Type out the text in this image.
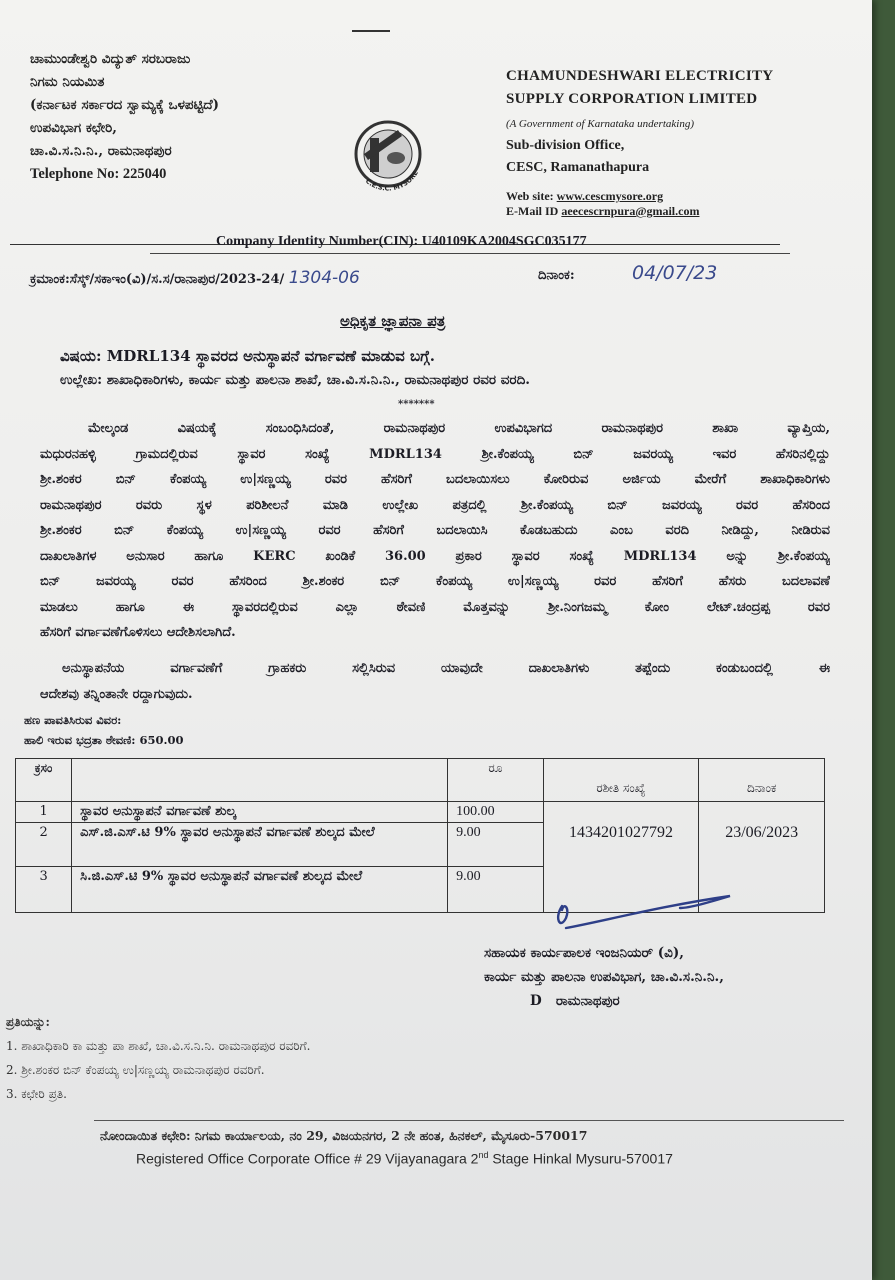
ಚಾಮುಂಡೇಶ್ವರಿ ವಿದ್ಯುತ್ ಸರಬರಾಜು
ನಿಗಮ ನಿಯಮಿತ
(ಕರ್ನಾಟಕ ಸರ್ಕಾರದ ಸ್ವಾಮ್ಯಕ್ಕೆ ಒಳಪಟ್ಟಿದೆ)
ಉಪವಿಭಾಗ ಕಛೇರಿ,
ಚಾ.ವಿ.ಸ.ನಿ.ನಿ., ರಾಮನಾಥಪುರ
Telephone No: 225040	C.E.S.C. MYSORE
CHAMUNDESHWARI ELECTRICITY
SUPPLY CORPORATION LIMITED
(A Government of Karnataka undertaking)
Sub-division Office,
CESC, Ramanathapura
Web site: www.cescmysore.org
E-Mail ID aeecescrnpura@gmail.com
Company Identity Number(CIN): U40109KA2004SGC035177
ಕ್ರಮಾಂಕ:ಸೆಸ್ಕ್/ಸಕಾಇಂ(ವಿ)/ಸ.ಸ/ರಾನಾಪುರ/2023-24/ 1304-06	ದಿನಾಂಕ:	04/07/23
ಅಧಿಕೃತ ಜ್ಞಾಪನಾ ಪತ್ರ
ವಿಷಯ: MDRL134 ಸ್ಥಾವರದ ಅನುಸ್ಥಾಪನೆ ವರ್ಗಾವಣೆ ಮಾಡುವ ಬಗ್ಗೆ.
ಉಲ್ಲೇಖ: ಶಾಖಾಧಿಕಾರಿಗಳು, ಕಾರ್ಯ ಮತ್ತು ಪಾಲನಾ ಶಾಖೆ, ಚಾ.ವಿ.ಸ.ನಿ.ನಿ., ರಾಮನಾಥಪುರ ರವರ ವರದಿ.
*******
ಮೇಲ್ಕಂಡ ವಿಷಯಕ್ಕೆ ಸಂಬಂಧಿಸಿದಂತೆ, ರಾಮನಾಥಪುರ ಉಪವಿಭಾಗದ ರಾಮನಾಥಪುರ ಶಾಖಾ ವ್ಯಾಪ್ತಿಯ,
ಮಧುರನಹಳ್ಳಿ ಗ್ರಾಮದಲ್ಲಿರುವ ಸ್ಥಾವರ ಸಂಖ್ಯೆ MDRL134 ಶ್ರೀ.ಕೆಂಪಯ್ಯ ಬಿನ್ ಜವರಯ್ಯ ಇವರ ಹೆಸರಿನಲ್ಲಿದ್ದು
ಶ್ರೀ.ಶಂಕರ ಬಿನ್ ಕೆಂಪಯ್ಯ ಉ|ಸಣ್ಣಯ್ಯ ರವರ ಹೆಸರಿಗೆ ಬದಲಾಯಿಸಲು ಕೋರಿರುವ ಅರ್ಜಿಯ ಮೇರೆಗೆ ಶಾಖಾಧಿಕಾರಿಗಳು
ರಾಮನಾಥಪುರ ರವರು ಸ್ಥಳ ಪರಿಶೀಲನೆ ಮಾಡಿ ಉಲ್ಲೇಖ ಪತ್ರದಲ್ಲಿ ಶ್ರೀ.ಕೆಂಪಯ್ಯ ಬಿನ್ ಜವರಯ್ಯ ರವರ ಹೆಸರಿಂದ
ಶ್ರೀ.ಶಂಕರ ಬಿನ್ ಕೆಂಪಯ್ಯ ಉ|ಸಣ್ಣಯ್ಯ ರವರ ಹೆಸರಿಗೆ ಬದಲಾಯಿಸಿ ಕೊಡಬಹುದು ಎಂಬ ವರದಿ ನೀಡಿದ್ದು, ನೀಡಿರುವ
ದಾಖಲಾತಿಗಳ ಅನುಸಾರ ಹಾಗೂ KERC ಖಂಡಿಕೆ 36.00 ಪ್ರಕಾರ ಸ್ಥಾವರ ಸಂಖ್ಯೆ MDRL134 ಅನ್ನು ಶ್ರೀ.ಕೆಂಪಯ್ಯ
ಬಿನ್ ಜವರಯ್ಯ ರವರ ಹೆಸರಿಂದ ಶ್ರೀ.ಶಂಕರ ಬಿನ್ ಕೆಂಪಯ್ಯ ಉ|ಸಣ್ಣಯ್ಯ ರವರ ಹೆಸರಿಗೆ ಹೆಸರು ಬದಲಾವಣೆ
ಮಾಡಲು ಹಾಗೂ ಈ ಸ್ಥಾವರದಲ್ಲಿರುವ ಎಲ್ಲಾ ಠೇವಣಿ ಮೊತ್ತವನ್ನು ಶ್ರೀ.ನಿಂಗಜಮ್ಮ ಕೋಂ ಲೇಟ್.ಚಂದ್ರಪ್ಪ ರವರ
ಹೆಸರಿಗೆ ವರ್ಗಾವಣೆಗೊಳಿಸಲು ಆದೇಶಿಸಲಾಗಿದೆ.
ಅನುಸ್ಥಾಪನೆಯ ವರ್ಗಾವಣೆಗೆ ಗ್ರಾಹಕರು ಸಲ್ಲಿಸಿರುವ ಯಾವುದೇ ದಾಖಲಾತಿಗಳು ತಪ್ಪೆಂದು ಕಂಡುಬಂದಲ್ಲಿ ಈ
ಆದೇಶವು ತನ್ನಿಂತಾನೇ ರದ್ದಾಗುವುದು.
ಹಣ ಪಾವತಿಸಿರುವ ವಿವರ:
ಹಾಲಿ ಇರುವ ಭದ್ರತಾ ಠೇವಣಿ: 650.00
ಕ್ರಸಂ		ರೂ	ರಶೀತಿ ಸಂಖ್ಯೆ	ದಿನಾಂಕ
1	ಸ್ಥಾವರ ಅನುಸ್ಥಾಪನೆ ವರ್ಗಾವಣೆ ಶುಲ್ಕ	100.00	1434201027792	23/06/2023
2	ಎಸ್.ಜಿ.ಎಸ್.ಟಿ 9% ಸ್ಥಾವರ ಅನುಸ್ಥಾಪನೆ ವರ್ಗಾವಣೆ ಶುಲ್ಕದ ಮೇಲೆ	9.00		
3	ಸಿ.ಜಿ.ಎಸ್.ಟಿ 9% ಸ್ಥಾವರ ಅನುಸ್ಥಾಪನೆ ವರ್ಗಾವಣೆ ಶುಲ್ಕದ ಮೇಲೆ	9.00		
ಸಹಾಯಕ ಕಾರ್ಯಪಾಲಕ ಇಂಜನಿಯರ್ (ವಿ),
ಕಾರ್ಯ ಮತ್ತು ಪಾಲನಾ ಉಪವಿಭಾಗ, ಚಾ.ವಿ.ಸ.ನಿ.ನಿ.,
D ರಾಮನಾಥಪುರ
ಪ್ರತಿಯನ್ನು:
1. ಶಾಖಾಧಿಕಾರಿ ಕಾ ಮತ್ತು ಪಾ ಶಾಖೆ, ಚಾ.ವಿ.ಸ.ನಿ.ನಿ. ರಾಮನಾಥಪುರ ರವರಿಗೆ.
2. ಶ್ರೀ.ಶಂಕರ ಬಿನ್ ಕೆಂಪಯ್ಯ ಉ|ಸಣ್ಣಯ್ಯ ರಾಮನಾಥಪುರ ರವರಿಗೆ.
3. ಕಛೇರಿ ಪ್ರತಿ.
ನೋಂದಾಯಿತ ಕಛೇರಿ: ನಿಗಮ ಕಾರ್ಯಾಲಯ, ನಂ 29, ವಿಜಯನಗರ, 2 ನೇ ಹಂತ, ಹಿನಕಲ್, ಮೈಸೂರು-570017
Registered Office Corporate Office # 29 Vijayanagara 2nd Stage Hinkal Mysuru-570017
